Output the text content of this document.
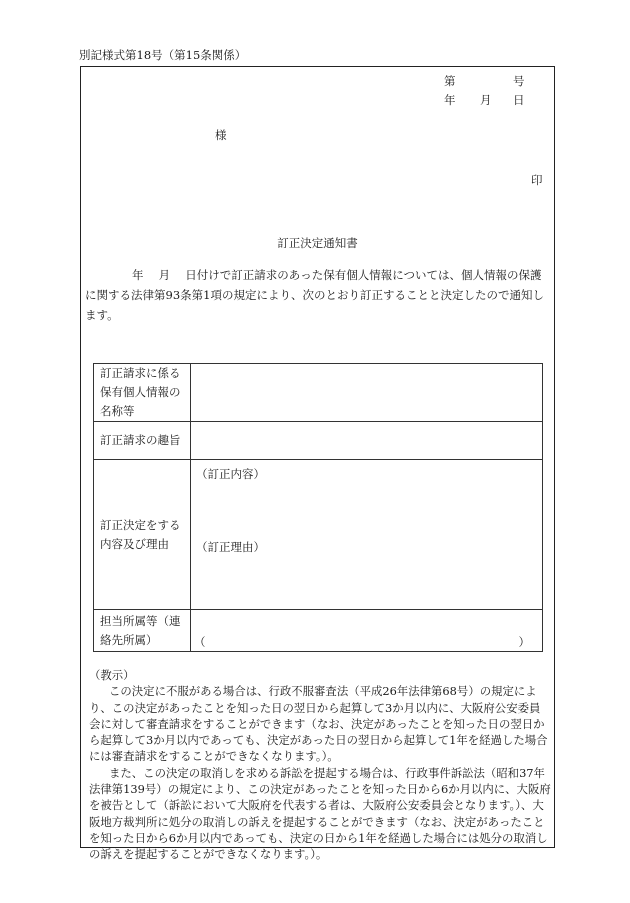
別記様式第18号（第15条関係）
第	号
年 月 日
様
印
訂正決定通知書
年　 月　 日付けで訂正請求のあった保有個人情報については、個人情報の保護に関する法律第93条第1項の規定により、次のとおり訂正することと決定したので通知します。
訂正請求に係る保有個人情報の名称等	
訂正請求の趣旨	
訂正決定をする内容及び理由	（訂正内容）
（訂正理由）

担当所属等（連絡先所属）	（ ）

（教示）

この決定に不服がある場合は、行政不服審査法（平成26年法律第68号）の規定により、この決定があったことを知った日の翌日から起算して3か月以内に、大阪府公安委員会に対して審査請求をすることができます（なお、決定があったことを知った日の翌日から起算して3か月以内であっても、決定があった日の翌日から起算して1年を経過した場合には審査請求をすることができなくなります。）。

また、この決定の取消しを求める訴訟を提起する場合は、行政事件訴訟法（昭和37年法律第139号）の規定により、この決定があったことを知った日から6か月以内に、大阪府を被告として（訴訟において大阪府を代表する者は、大阪府公安委員会となります。）、大阪地方裁判所に処分の取消しの訴えを提起することができます（なお、決定があったことを知った日から6か月以内であっても、決定の日から1年を経過した場合には処分の取消しの訴えを提起することができなくなります。）。
